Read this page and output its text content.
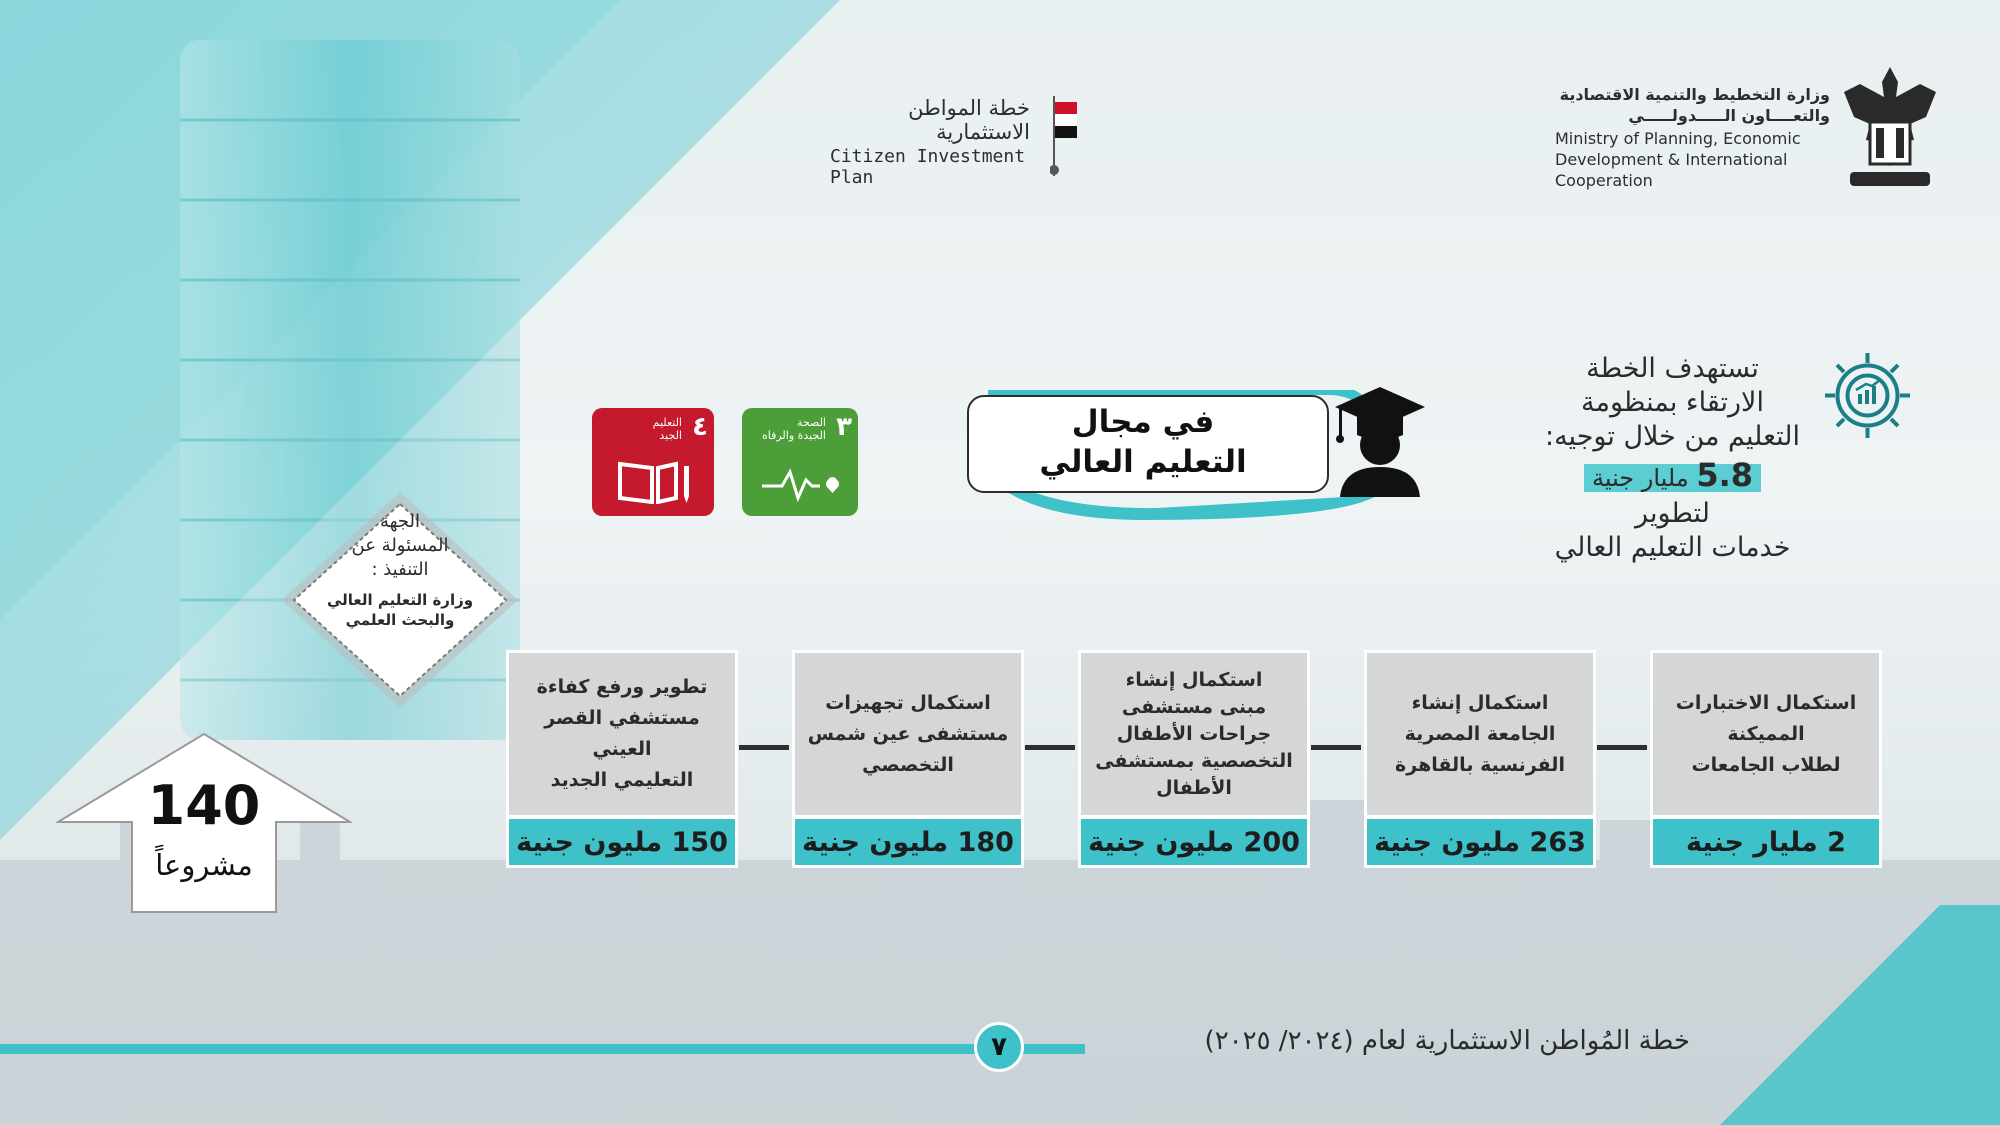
وزارة التخطيط والتنمية الاقتصادية
والتعــــاون الـــــدولـــــي
Ministry of Planning, Economic
Development & International
Cooperation
خطة المواطن الاستثمارية
Citizen Investment Plan
في مجال
التعليم العالي
٣
الصحة
الجيدة والرفاه
٤
التعليم
الجيد
تستهدف الخطة
الارتقاء بمنظومة
التعليم من خلال توجيه:
5.8 مليار جنية
لتطوير
خدمات التعليم العالي
الجهة
المسئولة عن
التنفيذ :
وزارة التعليم العالي
والبحث العلمي
140
مشروعاً
استكمال الاختبارات
المميكنة
لطلاب الجامعات
2 مليار جنية
استكمال إنشاء
الجامعة المصرية
الفرنسية بالقاهرة
263 مليون جنية
استكمال إنشاء
مبنى مستشفى
جراحات الأطفال
التخصصية بمستشفى
الأطفال
200 مليون جنية
استكمال تجهيزات
مستشفى عين شمس
التخصصي
180 مليون جنية
تطوير ورفع كفاءة
مستشفي القصر العيني
التعليمي الجديد
150 مليون جنية
٧	خطة المُواطن الاستثمارية لعام (٢٠٢٤/ ٢٠٢٥)
